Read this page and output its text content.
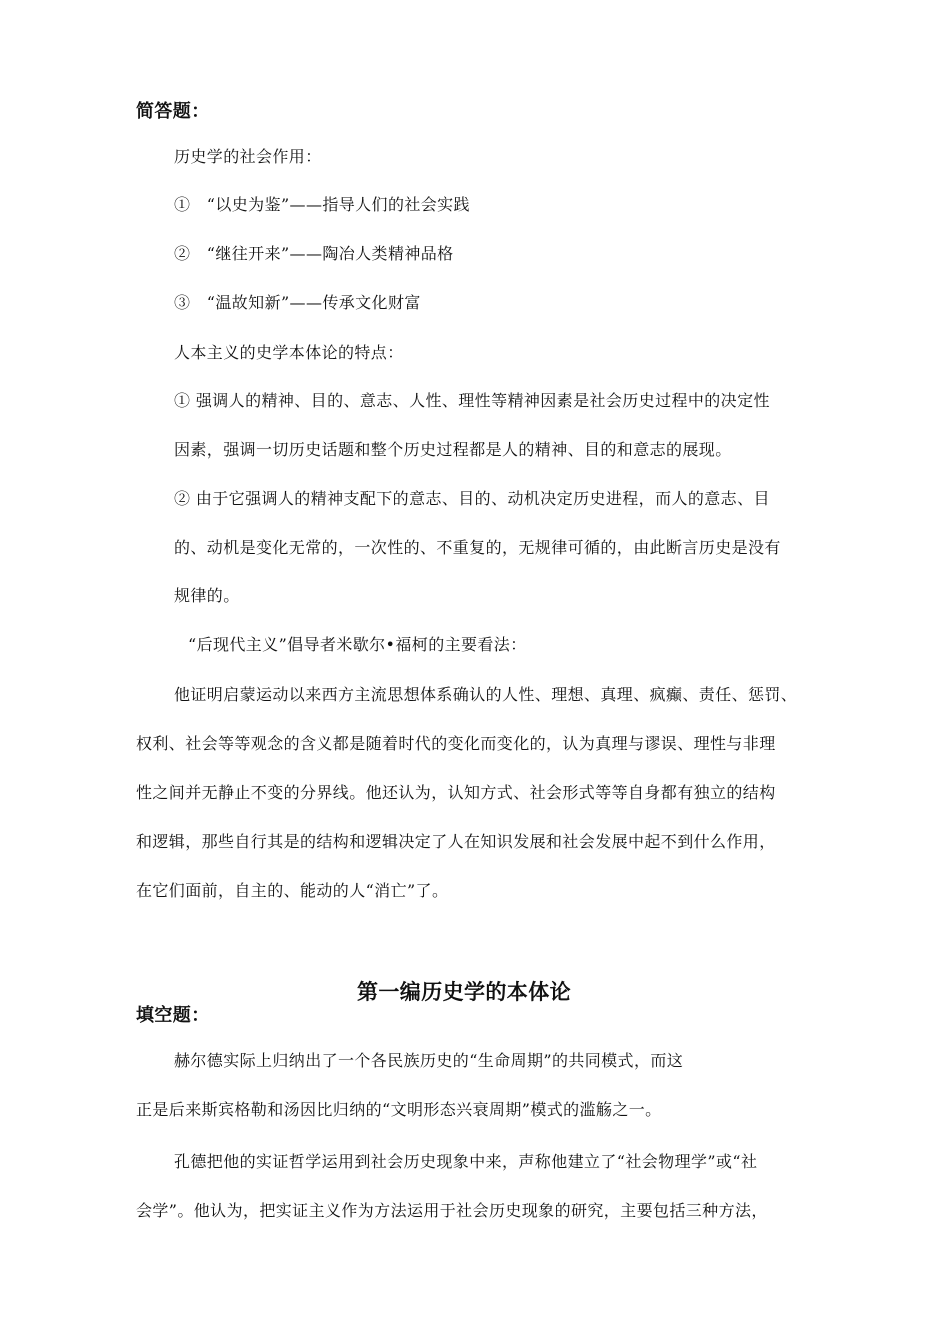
简答题：
历史学的社会作用：
①　“以史为鉴”——指导人们的社会实践
②　“继往开来”——陶冶人类精神品格
③　“温故知新”——传承文化财富
人本主义的史学本体论的特点：
① 强调人的精神、目的、意志、人性、理性等精神因素是社会历史过程中的决定性
因素，强调一切历史话题和整个历史过程都是人的精神、目的和意志的展现。
② 由于它强调人的精神支配下的意志、目的、动机决定历史进程，而人的意志、目
的、动机是变化无常的，一次性的、不重复的，无规律可循的，由此断言历史是没有
规律的。
“后现代主义”倡导者米歇尔•福柯的主要看法：
他证明启蒙运动以来西方主流思想体系确认的人性、理想、真理、疯癫、责任、惩罚、
权利、社会等等观念的含义都是随着时代的变化而变化的，认为真理与谬误、理性与非理
性之间并无静止不变的分界线。他还认为，认知方式、社会形式等等自身都有独立的结构
和逻辑，那些自行其是的结构和逻辑决定了人在知识发展和社会发展中起不到什么作用，
在它们面前，自主的、能动的人“消亡”了。
第一编历史学的本体论
填空题：
赫尔德实际上归纳出了一个各民族历史的“生命周期”的共同模式，而这
正是后来斯宾格勒和汤因比归纳的“文明形态兴衰周期”模式的滥觞之一。
孔德把他的实证哲学运用到社会历史现象中来，声称他建立了“社会物理学”或“社
会学”。他认为，把实证主义作为方法运用于社会历史现象的研究，主要包括三种方法，
